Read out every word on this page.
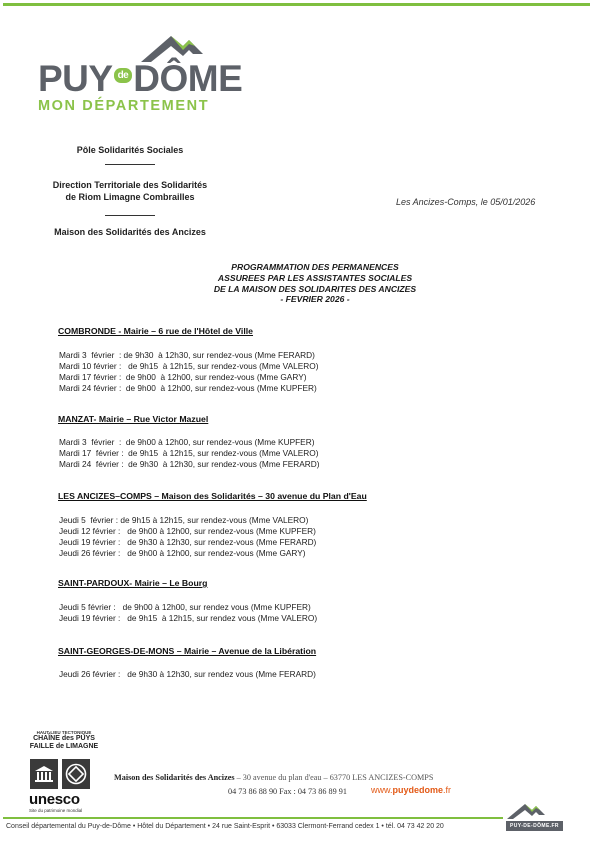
PUY de DÔME
MON DÉPARTEMENT
Pôle Solidarités Sociales
Direction Territoriale des Solidarités
de Riom Limagne Combrailles
Maison des Solidarités des Ancizes
Les Ancizes-Comps, le 05/01/2026
PROGRAMMATION DES PERMANENCES
ASSUREES PAR LES ASSISTANTES SOCIALES
DE LA MAISON DES SOLIDARITES DES ANCIZES
- FEVRIER 2026 -
COMBRONDE - Mairie – 6 rue de l'Hôtel de Ville
Mardi 3  février  : de 9h30  à 12h30, sur rendez-vous (Mme FERARD)
Mardi 10 février :   de 9h15  à 12h15, sur rendez-vous (Mme VALERO)
Mardi 17 février :  de 9h00  à 12h00, sur rendez-vous (Mme GARY)
Mardi 24 février :  de 9h00  à 12h00, sur rendez-vous (Mme KUPFER)
MANZAT- Mairie – Rue Victor Mazuel
Mardi 3  février  :  de 9h00 à 12h00, sur rendez-vous (Mme KUPFER)
Mardi 17  février :  de 9h15  à 12h15, sur rendez-vous (Mme VALERO)
Mardi 24  février :  de 9h30  à 12h30, sur rendez-vous (Mme FERARD)
LES ANCIZES–COMPS – Maison des Solidarités – 30 avenue du Plan d'Eau
Jeudi 5  février : de 9h15 à 12h15, sur rendez-vous (Mme VALERO)
Jeudi 12 février :   de 9h00 à 12h00, sur rendez-vous (Mme KUPFER)
Jeudi 19 février :   de 9h30 à 12h30, sur rendez-vous (Mme FERARD)
Jeudi 26 février :   de 9h00 à 12h00, sur rendez-vous (Mme GARY)
SAINT-PARDOUX- Mairie – Le Bourg
Jeudi 5 février :   de 9h00 à 12h00, sur rendez vous (Mme KUPFER)
Jeudi 19 février :   de 9h15  à 12h15, sur rendez vous (Mme VALERO)
SAINT-GEORGES-DE-MONS – Mairie – Avenue de la Libération
Jeudi 26 février :   de 9h30 à 12h30, sur rendez vous (Mme FERARD)
HAUT-LIEU TECTONIQUE
CHAÎNE des PUYS
FAILLE de LIMAGNE
unesco
Site du patrimoine mondial
Maison des Solidarités des Ancizes – 30 avenue du plan d'eau – 63770 LES ANCIZES-COMPS
04 73 86 88 90 Fax : 04 73 86 89 91	www.puydedome.fr
Conseil départemental du Puy-de-Dôme • Hôtel du Département • 24 rue Saint-Esprit • 63033 Clermont-Ferrand cedex 1 • tél. 04 73 42 20 20	PUY-DE-DÔME.FR
